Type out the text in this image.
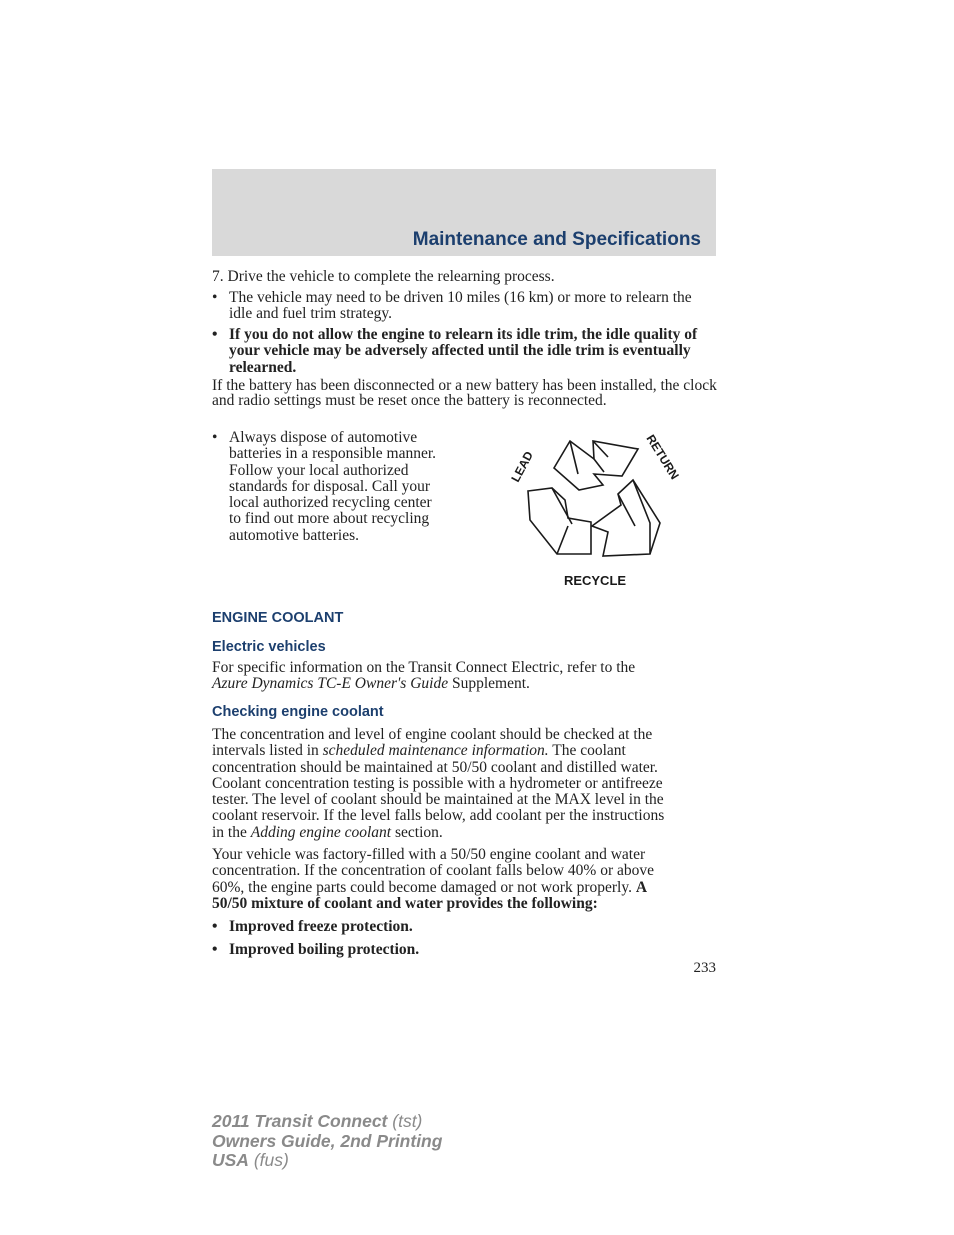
Maintenance and Specifications
7. Drive the vehicle to complete the relearning process.
• The vehicle may need to be driven 10 miles (16 km) or more to relearn the idle and fuel trim strategy.
• If you do not allow the engine to relearn its idle trim, the idle quality of your vehicle may be adversely affected until the idle trim is eventually relearned.
If the battery has been disconnected or a new battery has been installed, the clock and radio settings must be reset once the battery is reconnected.
• Always dispose of automotive
batteries in a responsible manner.
Follow your local authorized
standards for disposal. Call your
local authorized recycling center
to find out more about recycling
automotive batteries.
LEAD	RETURN
RECYCLE
ENGINE COOLANT
Electric vehicles
For specific information on the Transit Connect Electric, refer to the
Azure Dynamics TC-E Owner's Guide Supplement.
Checking engine coolant
The concentration and level of engine coolant should be checked at the
intervals listed in scheduled maintenance information. The coolant
concentration should be maintained at 50/50 coolant and distilled water.
Coolant concentration testing is possible with a hydrometer or antifreeze
tester. The level of coolant should be maintained at the MAX level in the
coolant reservoir. If the level falls below, add coolant per the instructions
in the Adding engine coolant section.
Your vehicle was factory-filled with a 50/50 engine coolant and water
concentration. If the concentration of coolant falls below 40% or above
60%, the engine parts could become damaged or not work properly. A
50/50 mixture of coolant and water provides the following:
• Improved freeze protection.
• Improved boiling protection.
233
2011 Transit Connect (tst)
Owners Guide, 2nd Printing
USA (fus)
